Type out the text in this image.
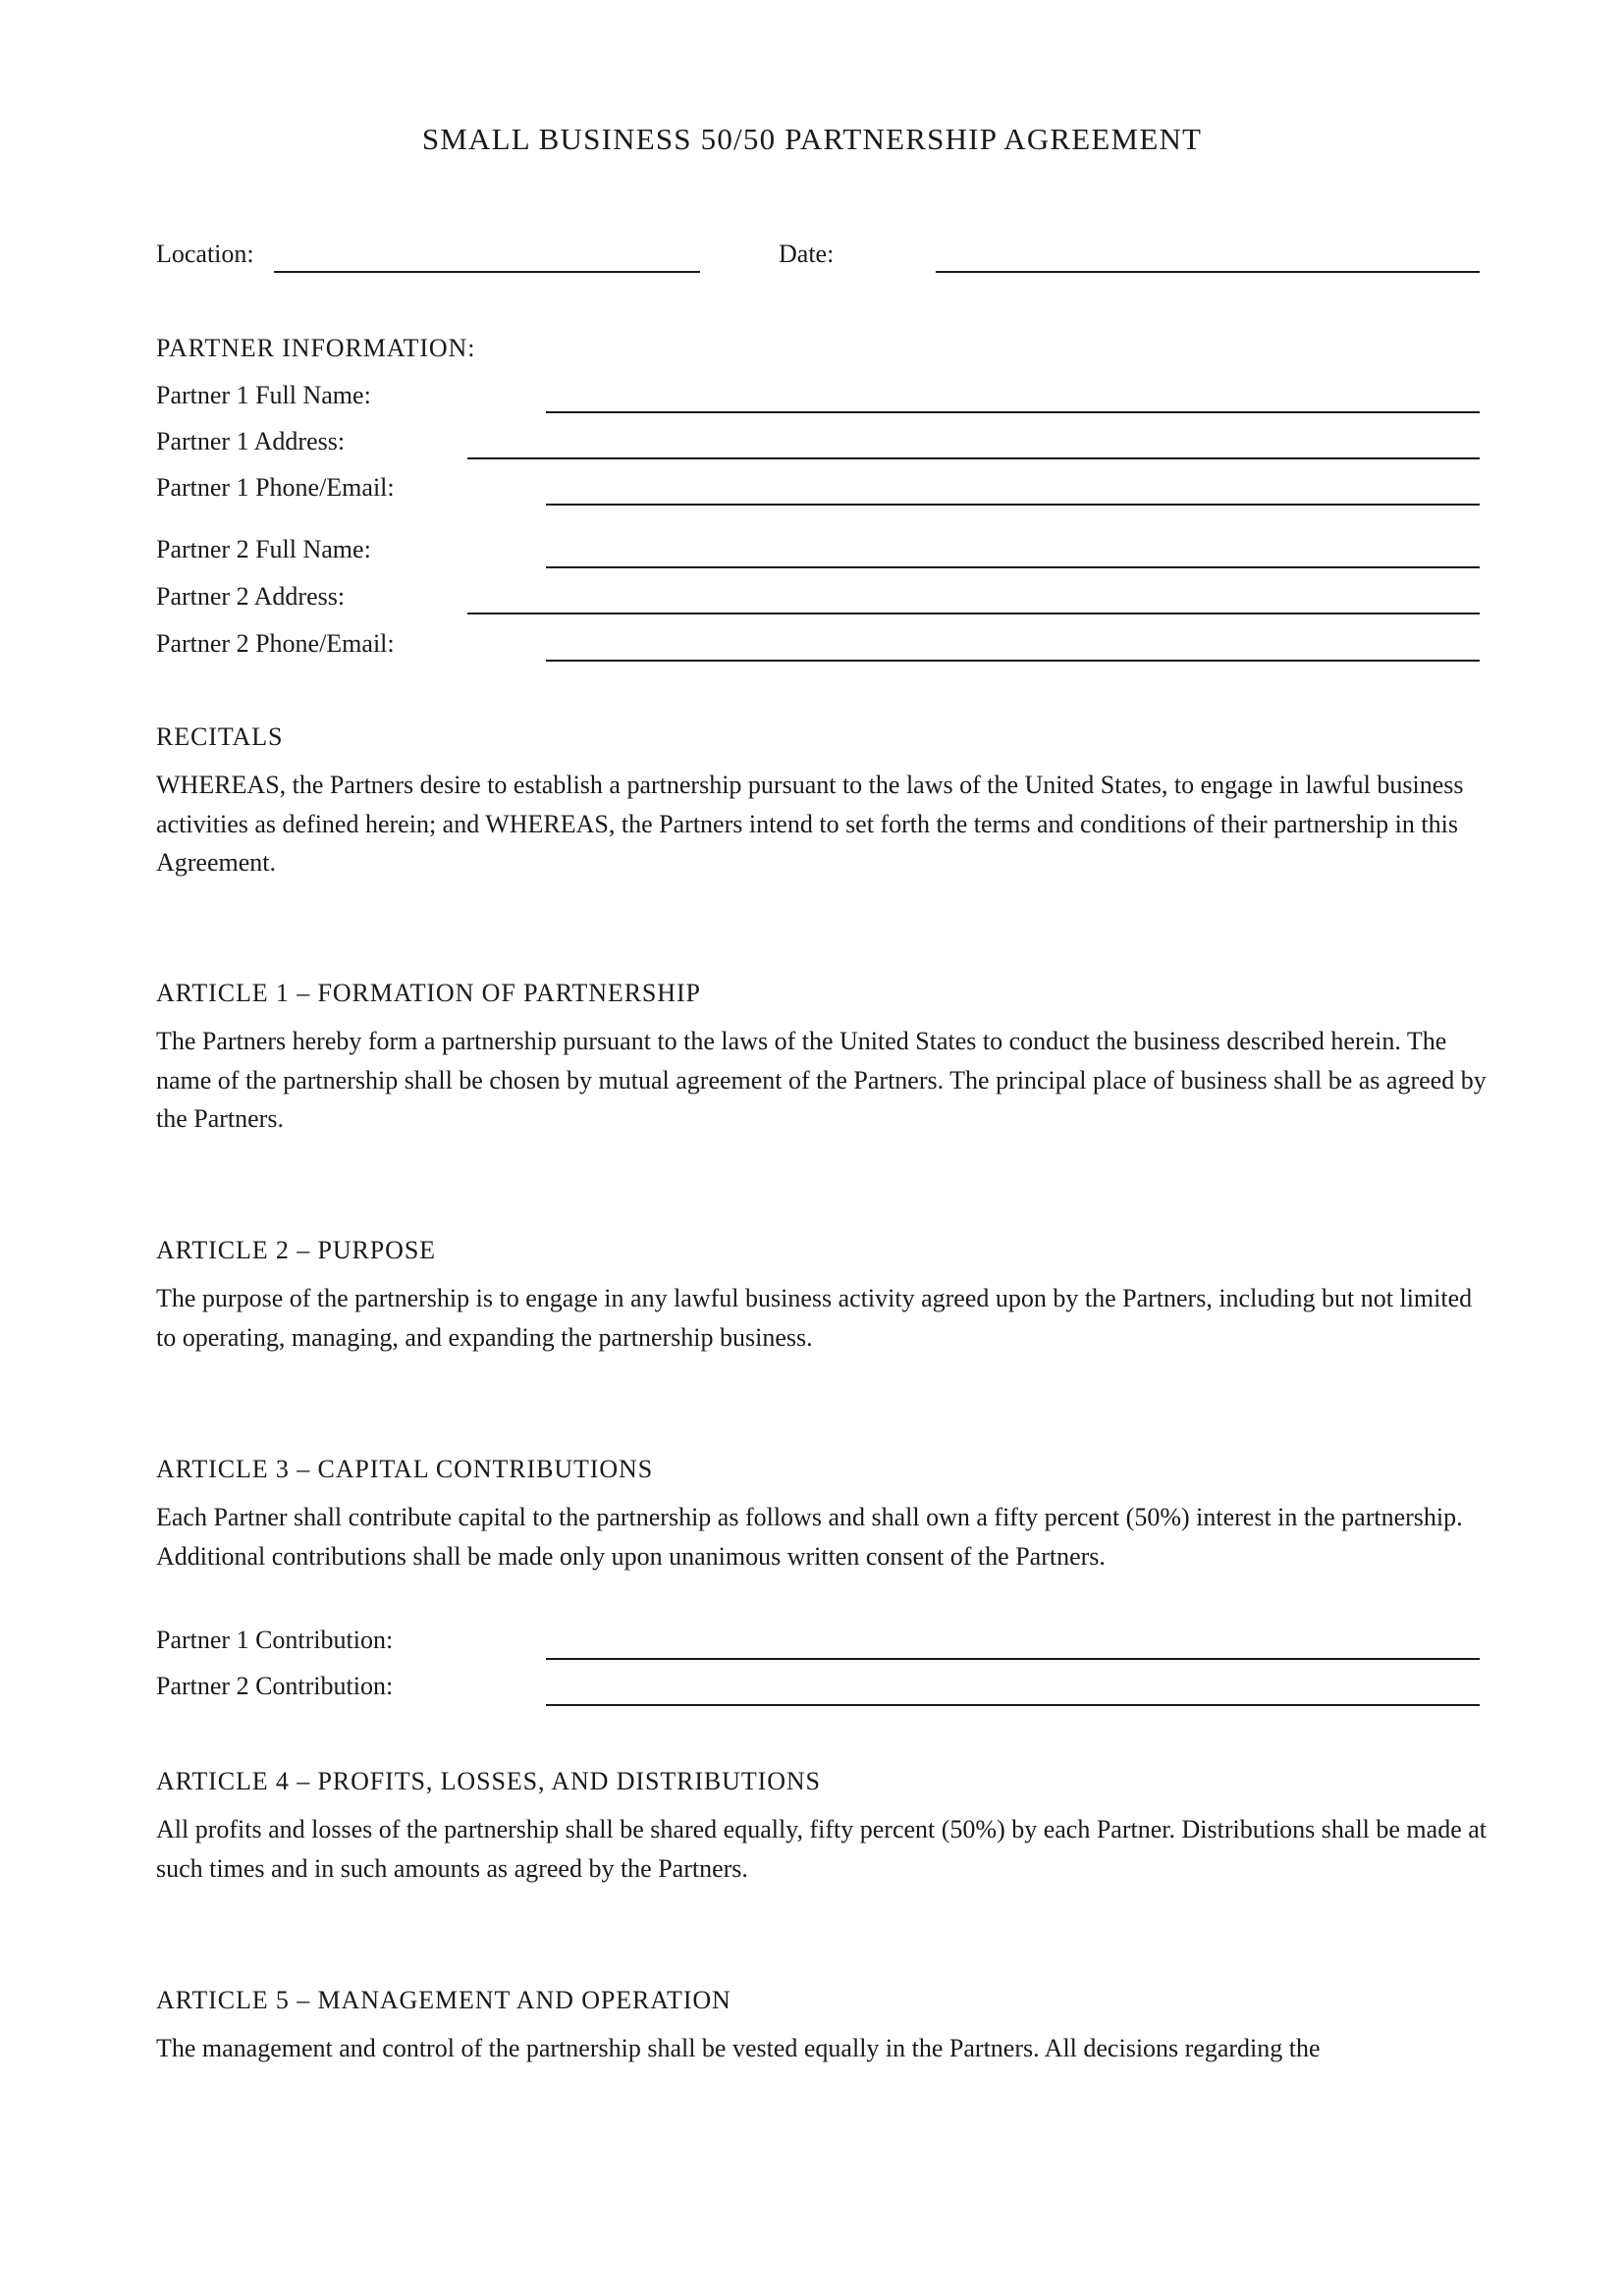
SMALL BUSINESS 50/50 PARTNERSHIP AGREEMENT
Location:	Date:
PARTNER INFORMATION:
Partner 1 Full Name:
Partner 1 Address:
Partner 1 Phone/Email:
Partner 2 Full Name:
Partner 2 Address:
Partner 2 Phone/Email:
RECITALS

WHEREAS, the Partners desire to establish a partnership pursuant to the laws of the United States, to engage in lawful business activities as defined herein; and WHEREAS, the Partners intend to set forth the terms and conditions of their partnership in this Agreement.

ARTICLE 1 – FORMATION OF PARTNERSHIP

The Partners hereby form a partnership pursuant to the laws of the United States to conduct the business described herein. The name of the partnership shall be chosen by mutual agreement of the Partners. The principal place of business shall be as agreed by the Partners.

ARTICLE 2 – PURPOSE

The purpose of the partnership is to engage in any lawful business activity agreed upon by the Partners, including but not limited to operating, managing, and expanding the partnership business.

ARTICLE 3 – CAPITAL CONTRIBUTIONS

Each Partner shall contribute capital to the partnership as follows and shall own a fifty percent (50%) interest in the partnership. Additional contributions shall be made only upon unanimous written consent of the Partners.

Partner 1 Contribution:
Partner 2 Contribution:
ARTICLE 4 – PROFITS, LOSSES, AND DISTRIBUTIONS

All profits and losses of the partnership shall be shared equally, fifty percent (50%) by each Partner. Distributions shall be made at such times and in such amounts as agreed by the Partners.

ARTICLE 5 – MANAGEMENT AND OPERATION

The management and control of the partnership shall be vested equally in the Partners. All decisions regarding the
